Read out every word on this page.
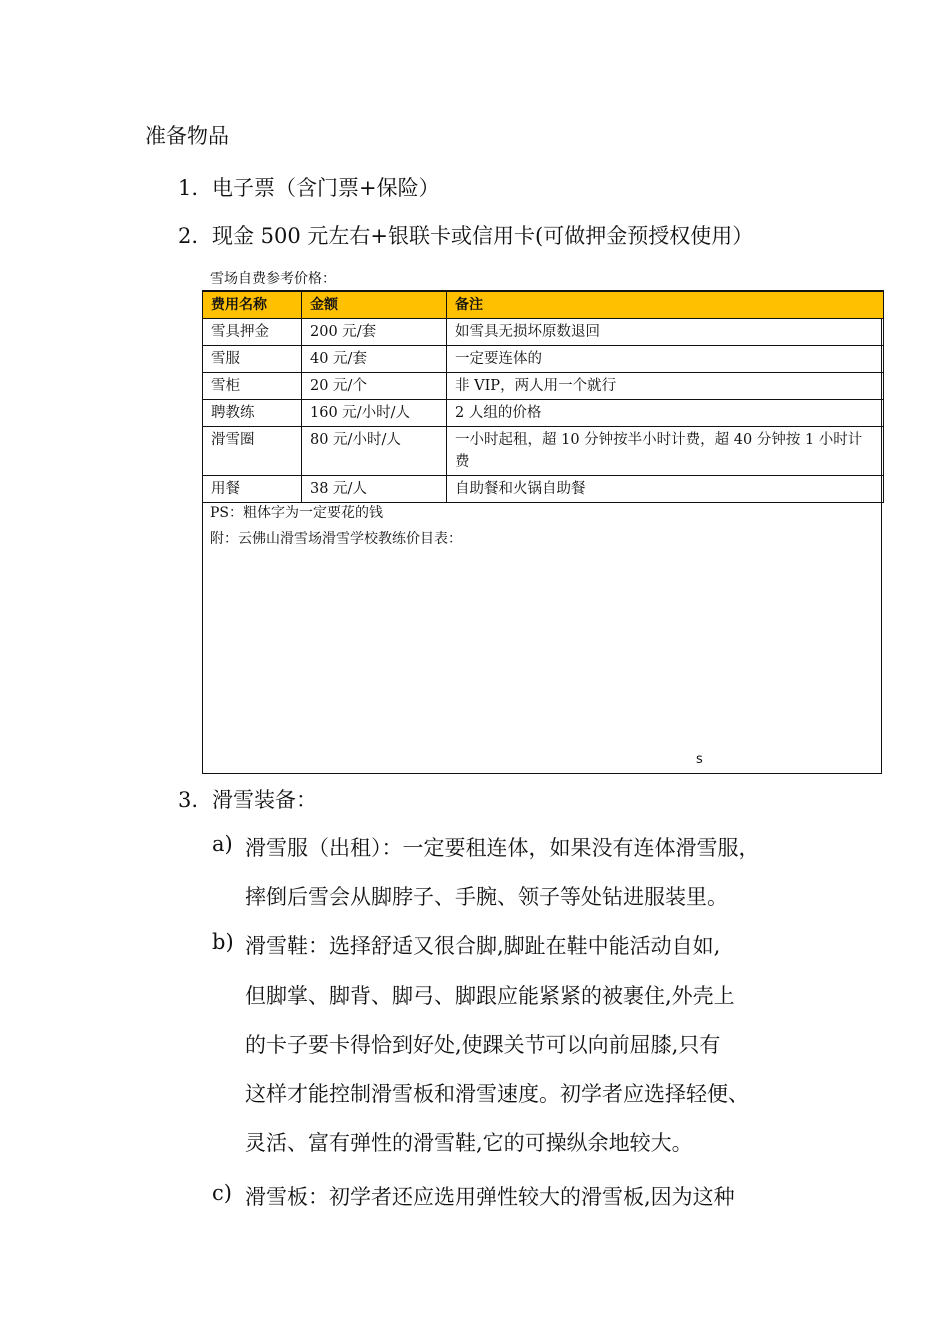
准备物品
1. 电子票（含门票+保险）
2. 现金 500 元左右+银联卡或信用卡(可做押金预授权使用）
雪场自费参考价格：
费用名称	金额	备注
雪具押金	200 元/套	如雪具无损坏原数退回
雪服	40 元/套	一定要连体的
雪柜	20 元/个	非 VIP，两人用一个就行
聘教练	160 元/小时/人	2 人组的价格
滑雪圈	80 元/小时/人	一小时起租，超 10 分钟按半小时计费，超 40 分钟按 1 小时计费
用餐	38 元/人	自助餐和火锅自助餐
PS：粗体字为一定要花的钱
附：云佛山滑雪场滑雪学校教练价目表：
s
3. 滑雪装备：
a) 滑雪服（出租）：一定要租连体，如果没有连体滑雪服，
摔倒后雪会从脚脖子、手腕、领子等处钻进服装里。
b) 滑雪鞋：选择舒适又很合脚,脚趾在鞋中能活动自如,
但脚掌、脚背、脚弓、脚跟应能紧紧的被裹住,外壳上
的卡子要卡得恰到好处,使踝关节可以向前屈膝,只有
这样才能控制滑雪板和滑雪速度。初学者应选择轻便、
灵活、富有弹性的滑雪鞋,它的可操纵余地较大。
c) 滑雪板：初学者还应选用弹性较大的滑雪板,因为这种
